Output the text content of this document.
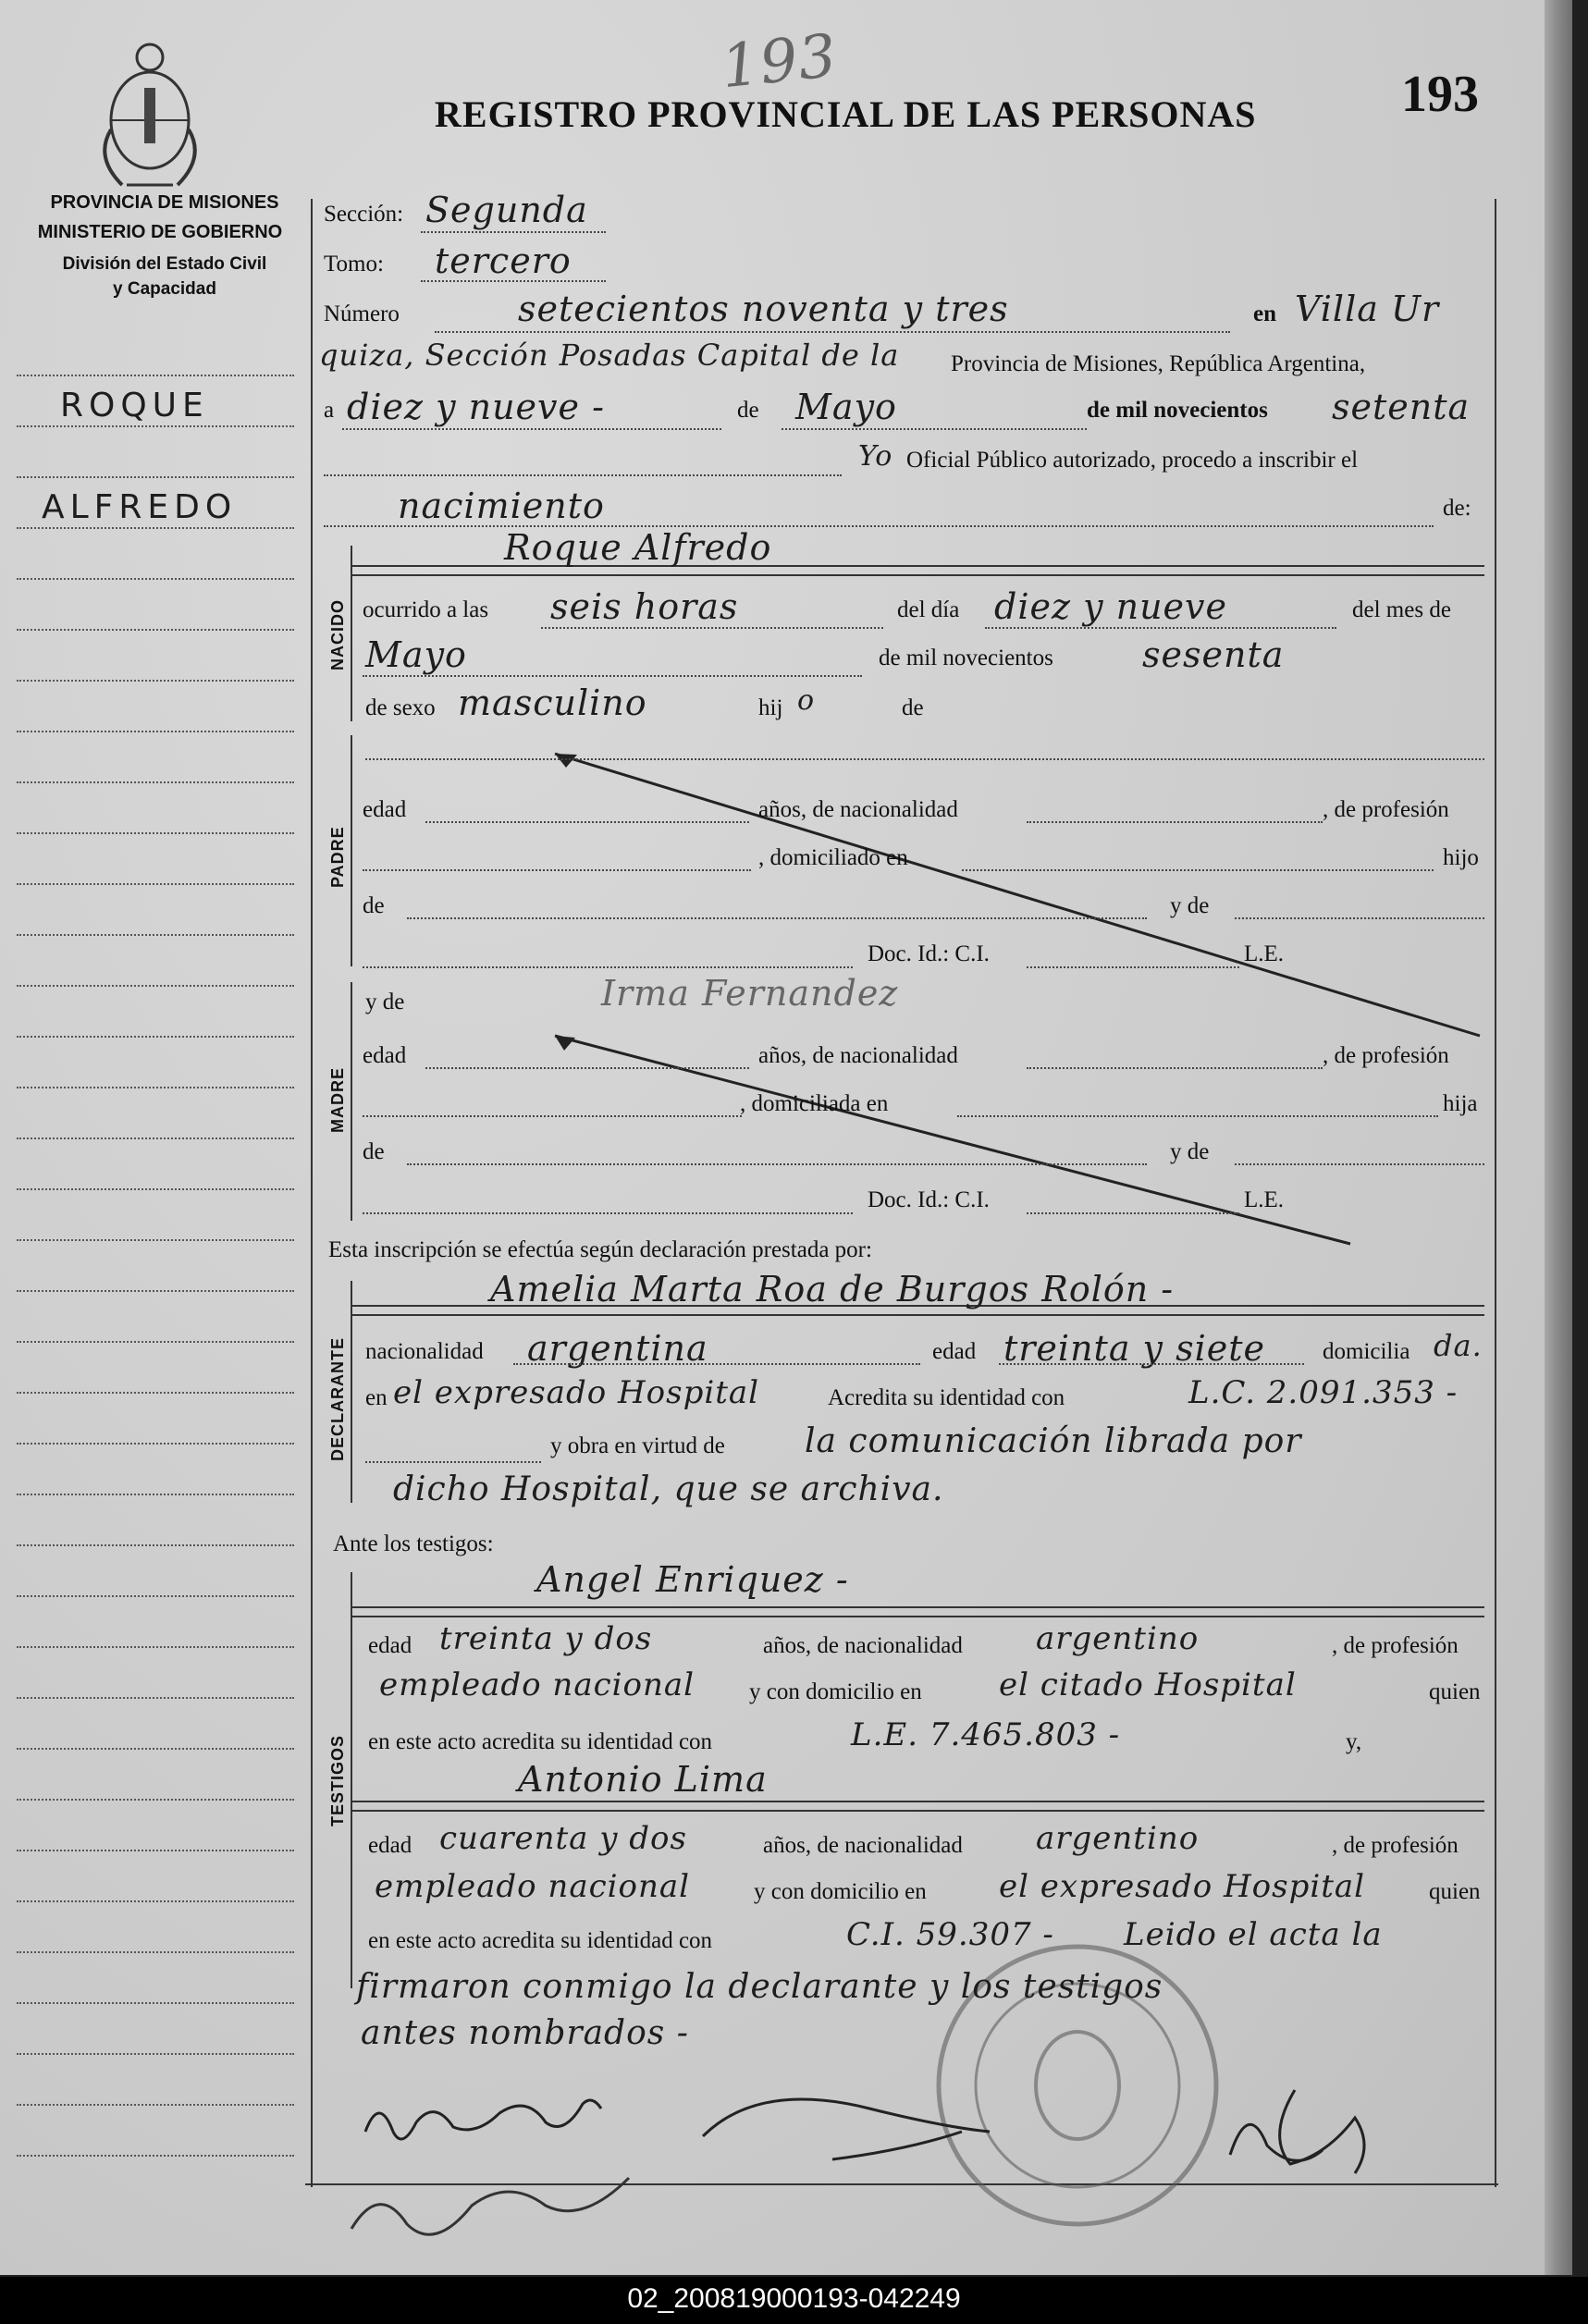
193
REGISTRO PROVINCIAL DE LAS PERSONAS	193
PROVINCIA DE MISIONES
MINISTERIO DE GOBIERNO
División del Estado Civil
y Capacidad
ROQUE
ALFREDO
Sección: Segunda
Tomo: tercero
Número	setecientos noventa y tres	en Villa Ur
quiza, Sección Posadas Capital de la Provincia de Misiones, República Argentina,
a diez y nueve -	de Mayo	de mil novecientos setenta
Yo Oficial Público autorizado, procedo a inscribir el
nacimiento	de:
NACIDO
Roque Alfredo
ocurrido a las seis horas	del día diez y nueve	del mes de
Mayo	de mil novecientos	sesenta
de sexo masculino	hij o	de
PADRE
edad	años, de nacionalidad	, de profesión
, domiciliado en	hijo
de	y de
Doc. Id.: C.I.	L.E.
MADRE
y de	Irma Fernandez
edad	años, de nacionalidad	, de profesión
, domiciliada en	hija
de	y de
Doc. Id.: C.I.	L.E.
Esta inscripción se efectúa según declaración prestada por:
Amelia Marta Roa de Burgos Rolón -
DECLARANTE nacionalidad argentina	edad treinta y siete domicilia da.
en el expresado Hospital	Acredita su identidad con	L.C. 2.091.353 -
y obra en virtud de la comunicación librada por
dicho Hospital, que se archiva.
Ante los testigos:
TESTIGOS
Angel Enriquez -
edad treinta y dos	años, de nacionalidad argentino	, de profesión
empleado nacional y con domicilio en el citado Hospital	quien
en este acto acredita su identidad con	L.E. 7.465.803 -	y,
Antonio Lima
edad cuarenta y dos	años, de nacionalidad argentino	, de profesión
empleado nacional	y con domicilio en el expresado Hospital	quien
en este acto acredita su identidad con	C.I. 59.307 - Leido el acta la
firmaron conmigo la declarante y los testigos
antes nombrados -
02_200819000193-042249
